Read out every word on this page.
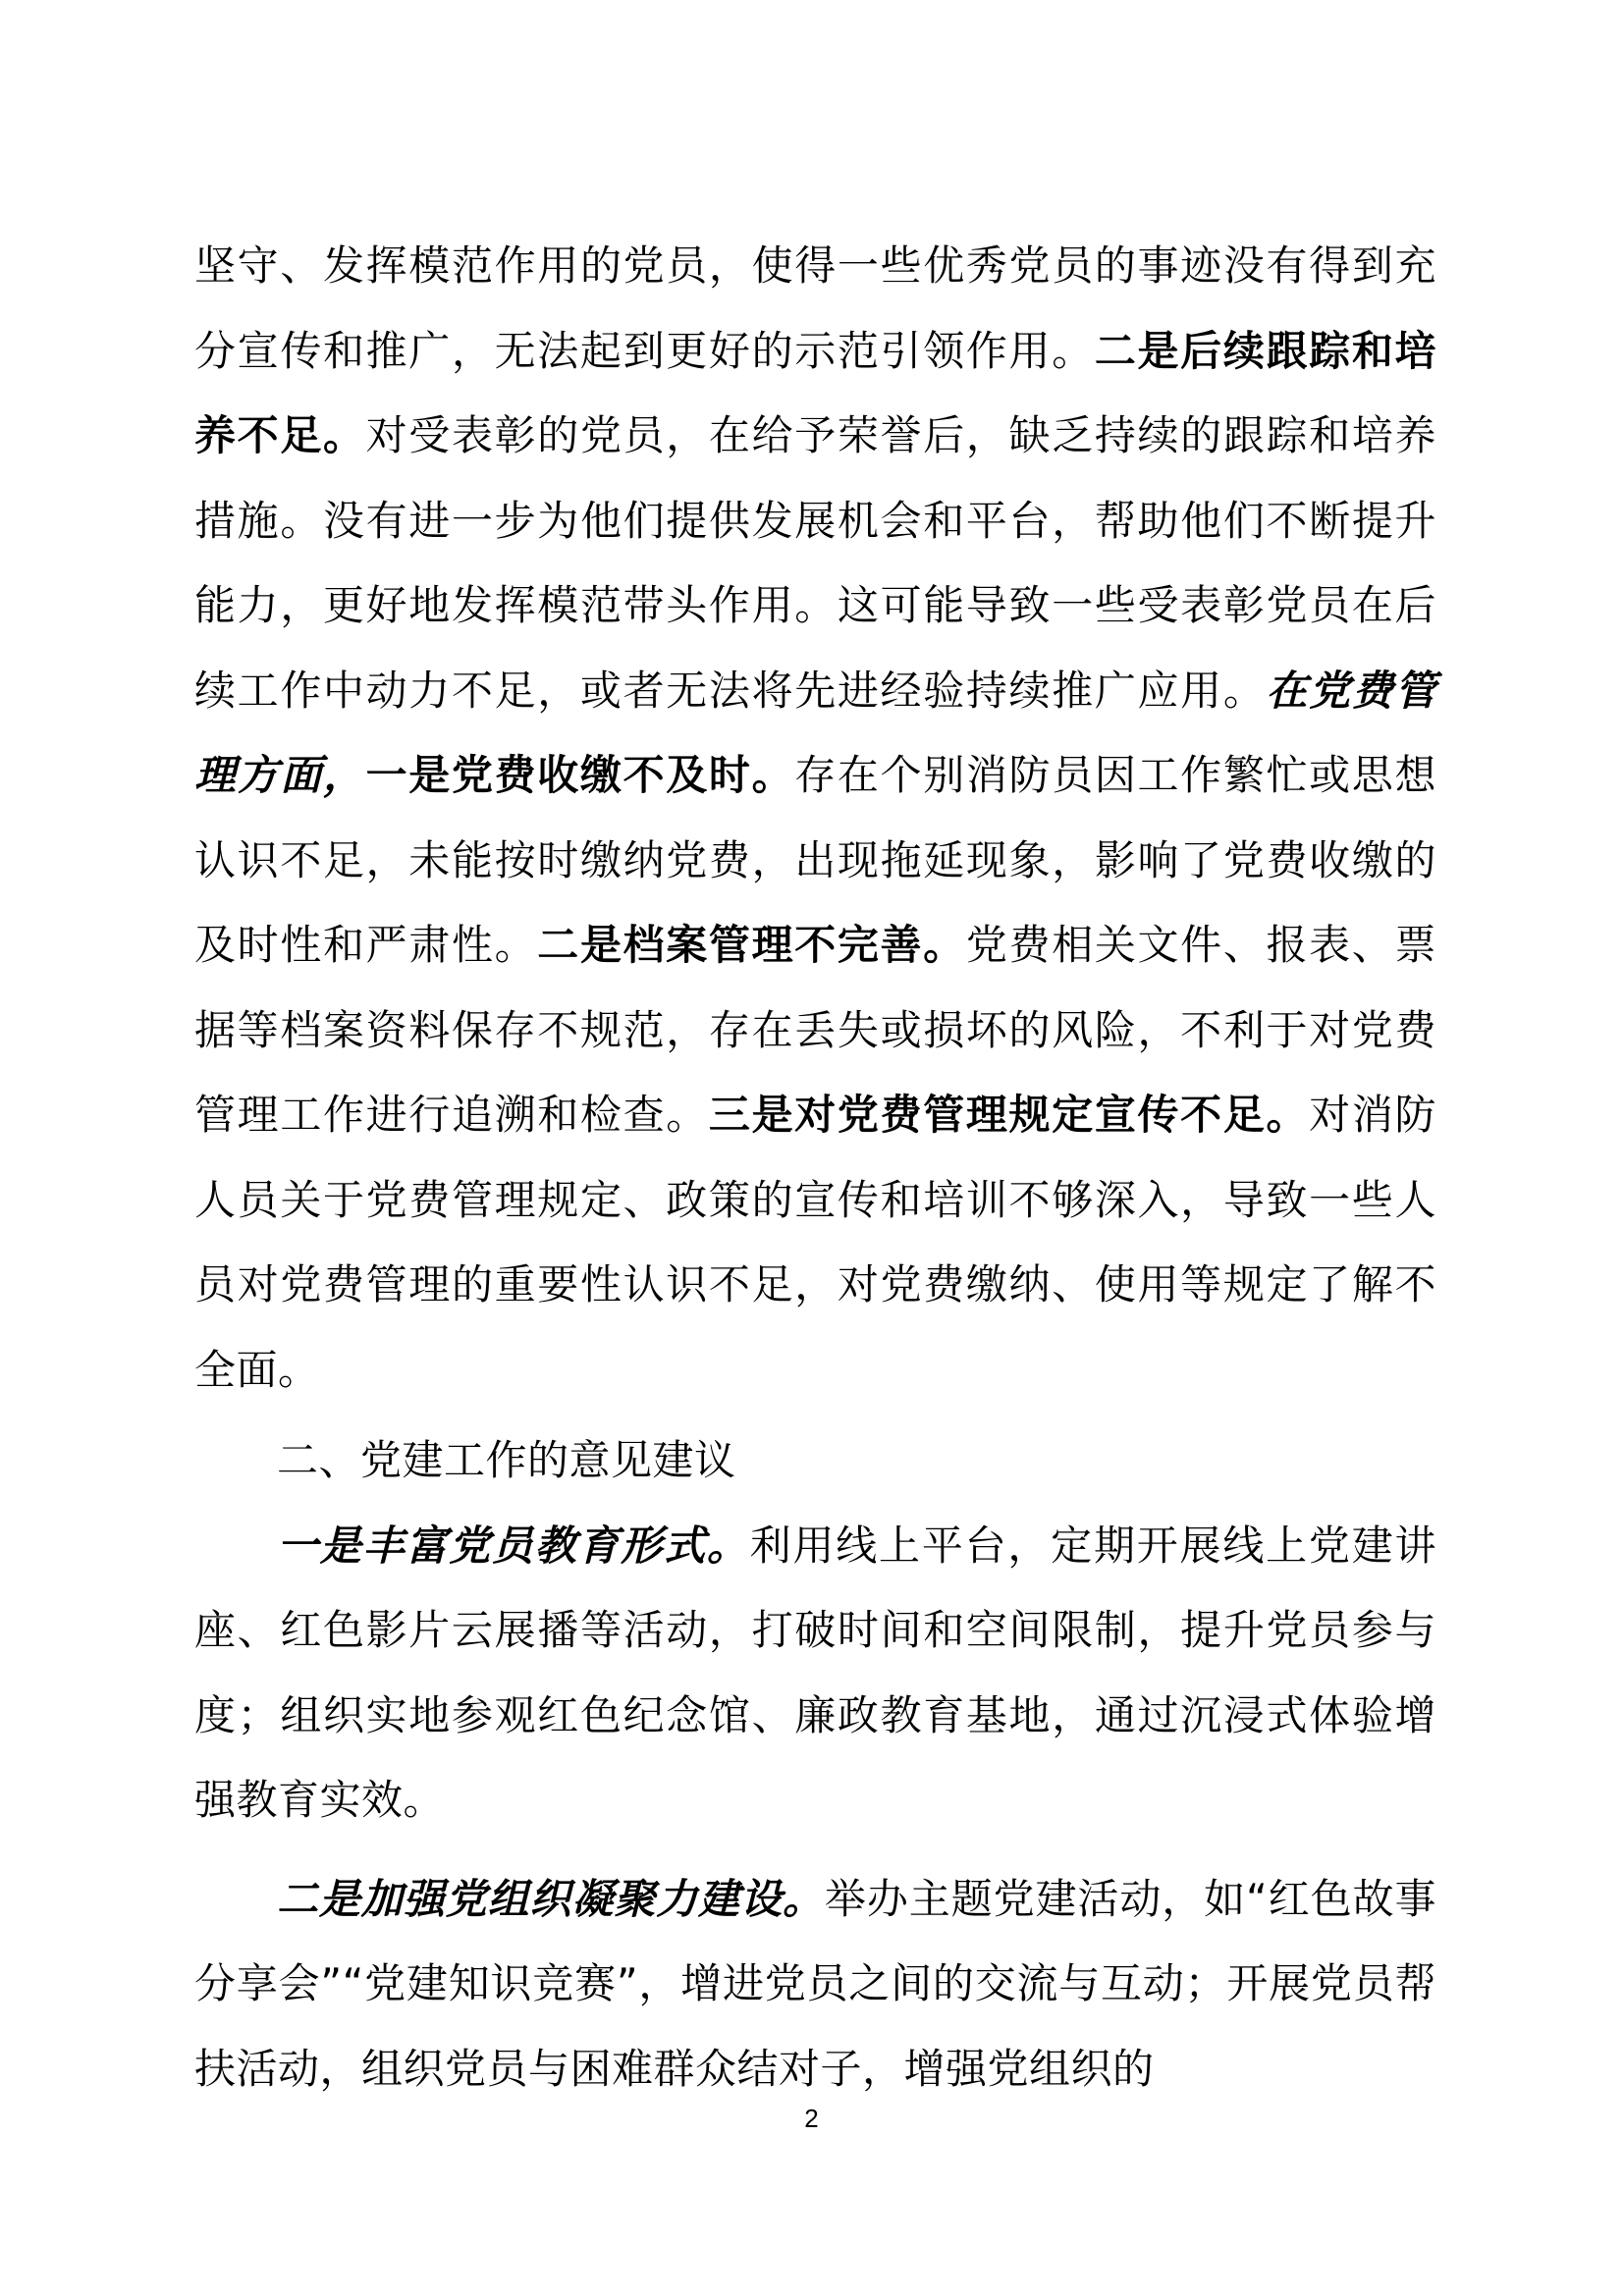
坚守、发挥模范作用的党员，使得一些优秀党员的事迹没有得到充分宣传和推广，无法起到更好的示范引领作用。二是后续跟踪和培养不足。对受表彰的党员，在给予荣誉后，缺乏持续的跟踪和培养措施。没有进一步为他们提供发展机会和平台，帮助他们不断提升能力，更好地发挥模范带头作用。这可能导致一些受表彰党员在后续工作中动力不足，或者无法将先进经验持续推广应用。在党费管理方面，一是党费收缴不及时。存在个别消防员因工作繁忙或思想认识不足，未能按时缴纳党费，出现拖延现象，影响了党费收缴的及时性和严肃性。二是档案管理不完善。党费相关文件、报表、票据等档案资料保存不规范，存在丢失或损坏的风险，不利于对党费管理工作进行追溯和检查。三是对党费管理规定宣传不足。对消防人员关于党费管理规定、政策的宣传和培训不够深入，导致一些人员对党费管理的重要性认识不足，对党费缴纳、使用等规定了解不全面。

二、党建工作的意见建议

一是丰富党员教育形式。利用线上平台，定期开展线上党建讲座、红色影片云展播等活动，打破时间和空间限制，提升党员参与度；组织实地参观红色纪念馆、廉政教育基地，通过沉浸式体验增强教育实效。

二是加强党组织凝聚力建设。举办主题党建活动，如“红色故事分享会”“党建知识竞赛”，增进党员之间的交流与互动；开展党员帮扶活动，组织党员与困难群众结对子，增强党组织的

2
